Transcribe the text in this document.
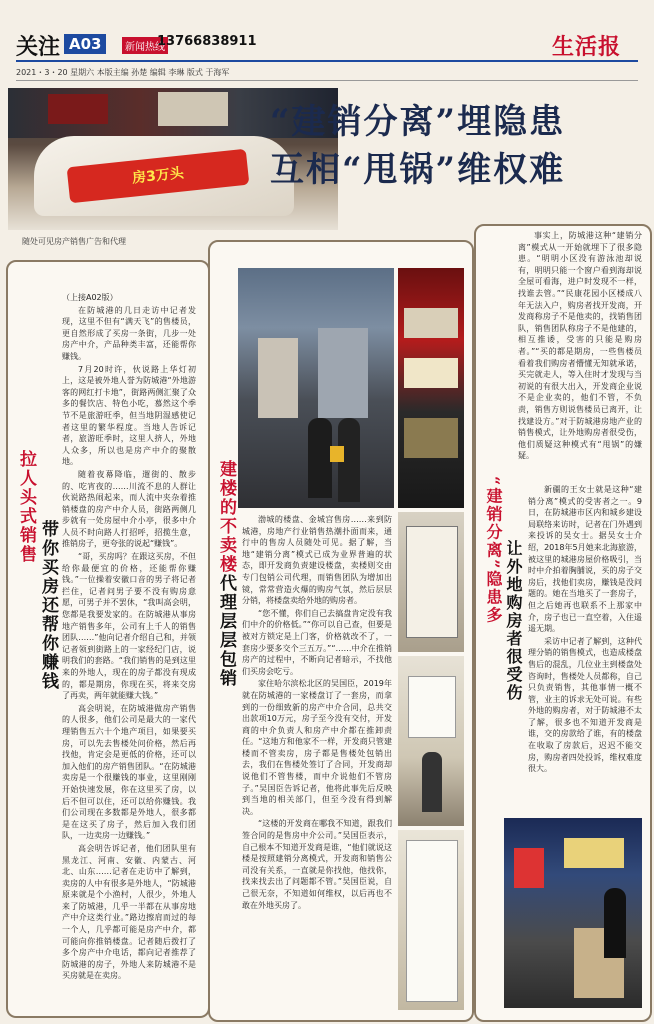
关注 A03	新闻热线
13766838911	生活报
2021・3・20 星期六 本版主编 孙楚 编辑 李琳 版式 于海军
房3万头
随处可见房产销售广告和代理
“建销分离”埋隐患
互相“甩锅”维权难
拉人头式销售
带你买房还帮你赚钱

（上接A02版）

在防城港的几日走访中记者发现，这里不但有“满天飞”的售楼员，更自然形成了买房一条街，几步一处房产中介，产品种类丰富，还能帮你赚钱。

7月20时许，伙说路上华灯初上，这是被外地人誉为防城港“外地游客的网红打卡地”，街路两侧汇聚了众多的餐饮店、特色小吃，慕然这个季节不是旅游旺季，但当地阴湿感使记者这里的繁华程度。当地人告诉记者，旅游旺季时，这里人挤人，外地人众多，所以也是房产中介的聚散地。

随着夜幕降临，遛街的、散步的、吃宵夜的……川流不息的人群让伙说路热闹起来，而人流中夹杂着推销楼盘的房产中介人员，街路两侧几步就有一处房屋中介小亭，很多中介人员不时向路人打招呼，招揽生意，推销房子，更夸张的说起“赚钱”。

“哥，买房吗？在跟这买房，不但给你最便宜的价格，还能帮你赚钱。”一位操着安徽口音的男子将记者拦住，记者问男子要不没有购房意愿，可男子并不罢休，“我叫高会明，您都是我要发家的。在防城港从事房地产销售多年，公司有上千人的销售团队……”他向记者介绍自己和，并领记者领到街路上的一家经纪门店，说明我们的套路。“我们销售的是到这里来的外地人，现在的房子都没有现成的，都是期房，你现在买，将来交房了再卖，两年就能赚大钱。”

高会明说，在防城港做房产销售的人很多，他们公司是最大的一家代理销售五六十个地产项目，如果要买房，可以先去售楼处问价格，然后再找他，肯定会是更低的价格，还可以加入他们的房产销售团队。“在防城港卖房是一个很赚钱的事业，这里刚刚开始快速发展，你在这里买了房，以后不但可以住，还可以给你赚钱。我们公司现在多数都是外地人，很多都是在这买了房子，然后加入我们团队，一边卖房一边赚钱。”

高会明告诉记者，他们团队里有黑龙江、河南、安徽、内蒙古、河北、山东……记者在走访中了解到，卖房的人中有很多是外地人，“防城港原来就是个小渔村，人很少，外地人来了防城港，几乎一半都在从事房地产中介这类行业。”路边擦肩而过的每一个人，几乎都可能是房产中介，都可能向你推销楼盘。记者随后拨打了多个房产中介电话，都向记者推荐了防城港的房子，外地人来防城港不是买房就是在卖房。

建楼的不卖楼
代理层层包销

渤城的楼盘、金城宫售房……来到防城港，房地产行业销售热潮扑面而来，通行中的售房人员随处可见。据了解，当地“建销分离”模式已成为业界普遍的状态，即开发商负责建设楼盘，卖楼则交由专门包销公司代理，而销售团队为增加出镜，常常营造火爆的购房气氛，然后层层分销，将楼盘卖给外地的购房者。

“您不懂，你们自己去搞盘肯定没有我们中介的价格低。”“你可以自己查，但要是被对方锁定是上门客，价格就改不了，一套房少要多交个三五万。”“……中介在推销房产的过程中，不断向记者暗示，不找他们买房会吃亏。

家住哈尔滨松北区的吴国臣，2019年就在防城港的一家楼盘订了一套房，而拿到的一份细致新的房产中介合同，总共交出款项10万元，房子至今没有交付，开发商的中介负责人和房产中介都在推卸责任。“这地方和他家不一样，开发商只管建楼而不管卖房，房子都是售楼处包销出去，我们在售楼处签订了合同，开发商却说他们不管售楼，而中介说他们不管房子。”吴国臣告诉记者，他将此事先后反映到当地的相关部门，但至今没有得到解决。

“这楼的开发商在哪我不知道，跟我们签合同的是售房中介公司。”吴国臣表示，自己根本不知道开发商是谁，“他们就说这楼是按照建销分离模式，开发商和销售公司没有关系，一直就是你找他，他找你，找来找去出了问题都不管。”吴国臣说，自己很无奈，不知道如何维权，以后再也不敢在外地买房了。

事实上，防城港这种“建销分离”模式从一开始就埋下了很多隐患。“明明小区没有游泳池却说有，明明只能一个窗户看到海却说全屋可看海，进户时发现不一样，找谁去管。”“民康花园小区楼成八年无法入户，购房者找开发商，开发商称房子不是他卖的，找销售团队，销售团队称房子不是他建的，相互推诿，受害的只能是购房者。”“买的都是期房，一些售楼员看着我们购房者懵懂无知就承诺，买完就走人，等入住时才发现与当初说的有很大出入，开发商企业说不是企业卖的，他们不管，不负责，销售方则说售楼员已离开，让找建设方。”对于防城港房地产业的销售模式，让外地购房者很受伤，他们质疑这种模式有“甩锅”的嫌疑。

“建销分离”隐患多 让外地购房者很受伤

新疆的王女士就是这种“建销分离”模式的受害者之一。9日，在防城港市区内和城乡建设局联络来访时，记者在门外遇到来投诉的吴女士。据吴女士介绍，2018年5月她来北海旅游，被这里的城港房屋价格吸引，当时中介拍着胸脯说，买的房子交房后，找他们卖房，赚钱是没问题的。她在当地买了一套房子，但之后她再也联系不上那家中介，房子也已一直空着，入住遥遥无期。

采访中记者了解到，这种代理分销的销售模式，也造成楼盘售后的混乱，几位业主到楼盘处咨询时，售楼处人员都称，自己只负责销售，其他事情一概不管，业主的诉求无处可说。有些外地的购房者，对于防城港不太了解，很多也不知道开发商是谁，交的房款给了谁，有的楼盘在收取了房款后，迟迟不能交房，购房者四处投诉，维权难度很大。
